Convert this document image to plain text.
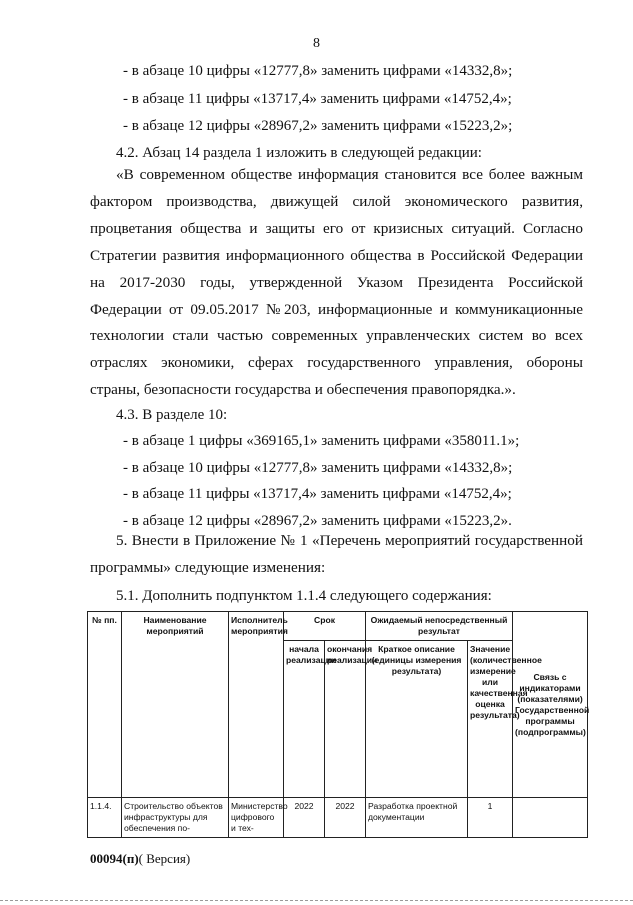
8
- в абзаце 10 цифры «12777,8» заменить цифрами «14332,8»;
- в абзаце 11 цифры «13717,4» заменить цифрами «14752,4»;
- в абзаце 12 цифры «28967,2» заменить цифрами «15223,2»;
4.2. Абзац 14 раздела 1 изложить в следующей редакции:
«В современном обществе информация становится все более важным фактором производства, движущей силой экономического развития, процветания общества и защиты его от кризисных ситуаций. Согласно Стратегии развития информационного общества в Российской Федерации на 2017-2030 годы, утвержденной Указом Президента Российской Федерации от 09.05.2017 №203, информационные и коммуникационные технологии стали частью современных управленческих систем во всех отраслях экономики, сферах государственного управления, обороны страны, безопасности государства и обеспечения правопорядка.».
4.3. В разделе 10:
- в абзаце 1 цифры «369165,1» заменить цифрами «358011.1»;
- в абзаце 10 цифры «12777,8» заменить цифрами «14332,8»;
- в абзаце 11 цифры «13717,4» заменить цифрами «14752,4»;
- в абзаце 12 цифры «28967,2» заменить цифрами «15223,2».
5. Внести в Приложение № 1 «Перечень мероприятий государственной программы» следующие изменения:
5.1. Дополнить подпунктом 1.1.4 следующего содержания:
№ пп.	Наименование мероприятий	Исполнитель мероприятия	Срок		Ожидаемый непосредственный результат		Связь с индикаторами (показателями) Государственной программы (подпрограммы)
			начала реализации	окончания реализации	Краткое описание (единицы измерения результата)	Значение (количественное измерение или качественная оценка результата)	
1.1.4.	Строительство объектов инфраструктуры для обеспечения по-	Министерство цифрового и тех-	2022	2022	Разработка проектной документации	1	
00094(п)( Версия)
